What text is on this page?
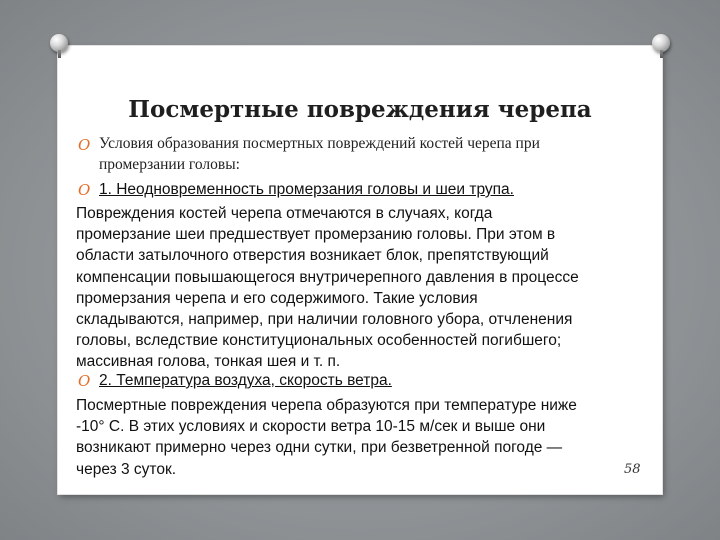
Посмертные повреждения черепа
O Условия образования посмертных повреждений костей черепа при
промерзании головы:
O 1. Неодновременность промерзания головы и шеи трупа.
Повреждения костей черепа отмечаются в случаях, когда
промерзание шеи предшествует промерзанию головы. При этом в
области затылочного отверстия возникает блок, препятствующий
компенсации повышающегося внутричерепного давления в процессе
промерзания черепа и его содержимого. Такие условия
складываются, например, при наличии головного убора, отчленения
головы, вследствие конституциональных особенностей погибшего;
массивная голова, тонкая шея и т. п.
O 2. Температура воздуха, скорость ветра.
Посмертные повреждения черепа образуются при температуре ниже
-10° С. В этих условиях и скорости ветра 10-15 м/сек и выше они
возникают примерно через одни сутки, при безветренной погоде —
через 3 суток.	58
